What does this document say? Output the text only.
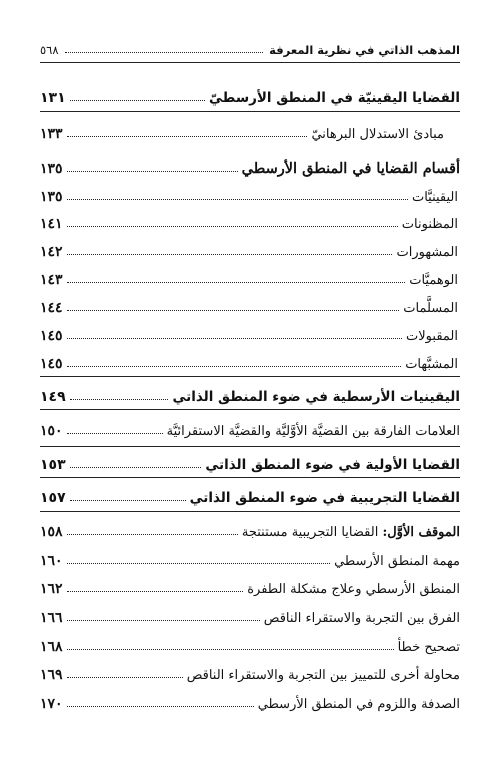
المذهب الذاتي في نظرية المعرفة
٥٦٨
القضايا اليقينيّة في المنطق الأرسطيّ
١٣١
مبادئ الاستدلال البرهانيّ
١٣٣
أقسام القضايا في المنطق الأرسطي
١٣٥
اليقينيَّات
١٣٥
المظنونات
١٤١
المشهورات
١٤٢
الوهميَّات
١٤٣
المسلَّمات
١٤٤
المقبولات
١٤٥
المشبَّهات
١٤٥
اليقينيات الأرسطية في ضوء المنطق الذاتي
١٤٩
العلامات الفارقة بين القضيَّة الأوَّليَّة والقضيَّة الاستقرائيَّة
١٥٠
القضايا الأولية في ضوء المنطق الذاتي
١٥٣
القضايا التجريبية في ضوء المنطق الذاتي
١٥٧
الموقف الأوَّل: القضايا التجريبية مستنتجة
١٥٨
مهمة المنطق الأرسطي
١٦٠
المنطق الأرسطي وعلاج مشكلة الطفرة
١٦٢
الفرق بين التجربة والاستقراء الناقص
١٦٦
تصحيح خطأ
١٦٨
محاولة أخرى للتمييز بين التجربة والاستقراء الناقص
١٦٩
الصدفة واللزوم في المنطق الأرسطي
١٧٠
